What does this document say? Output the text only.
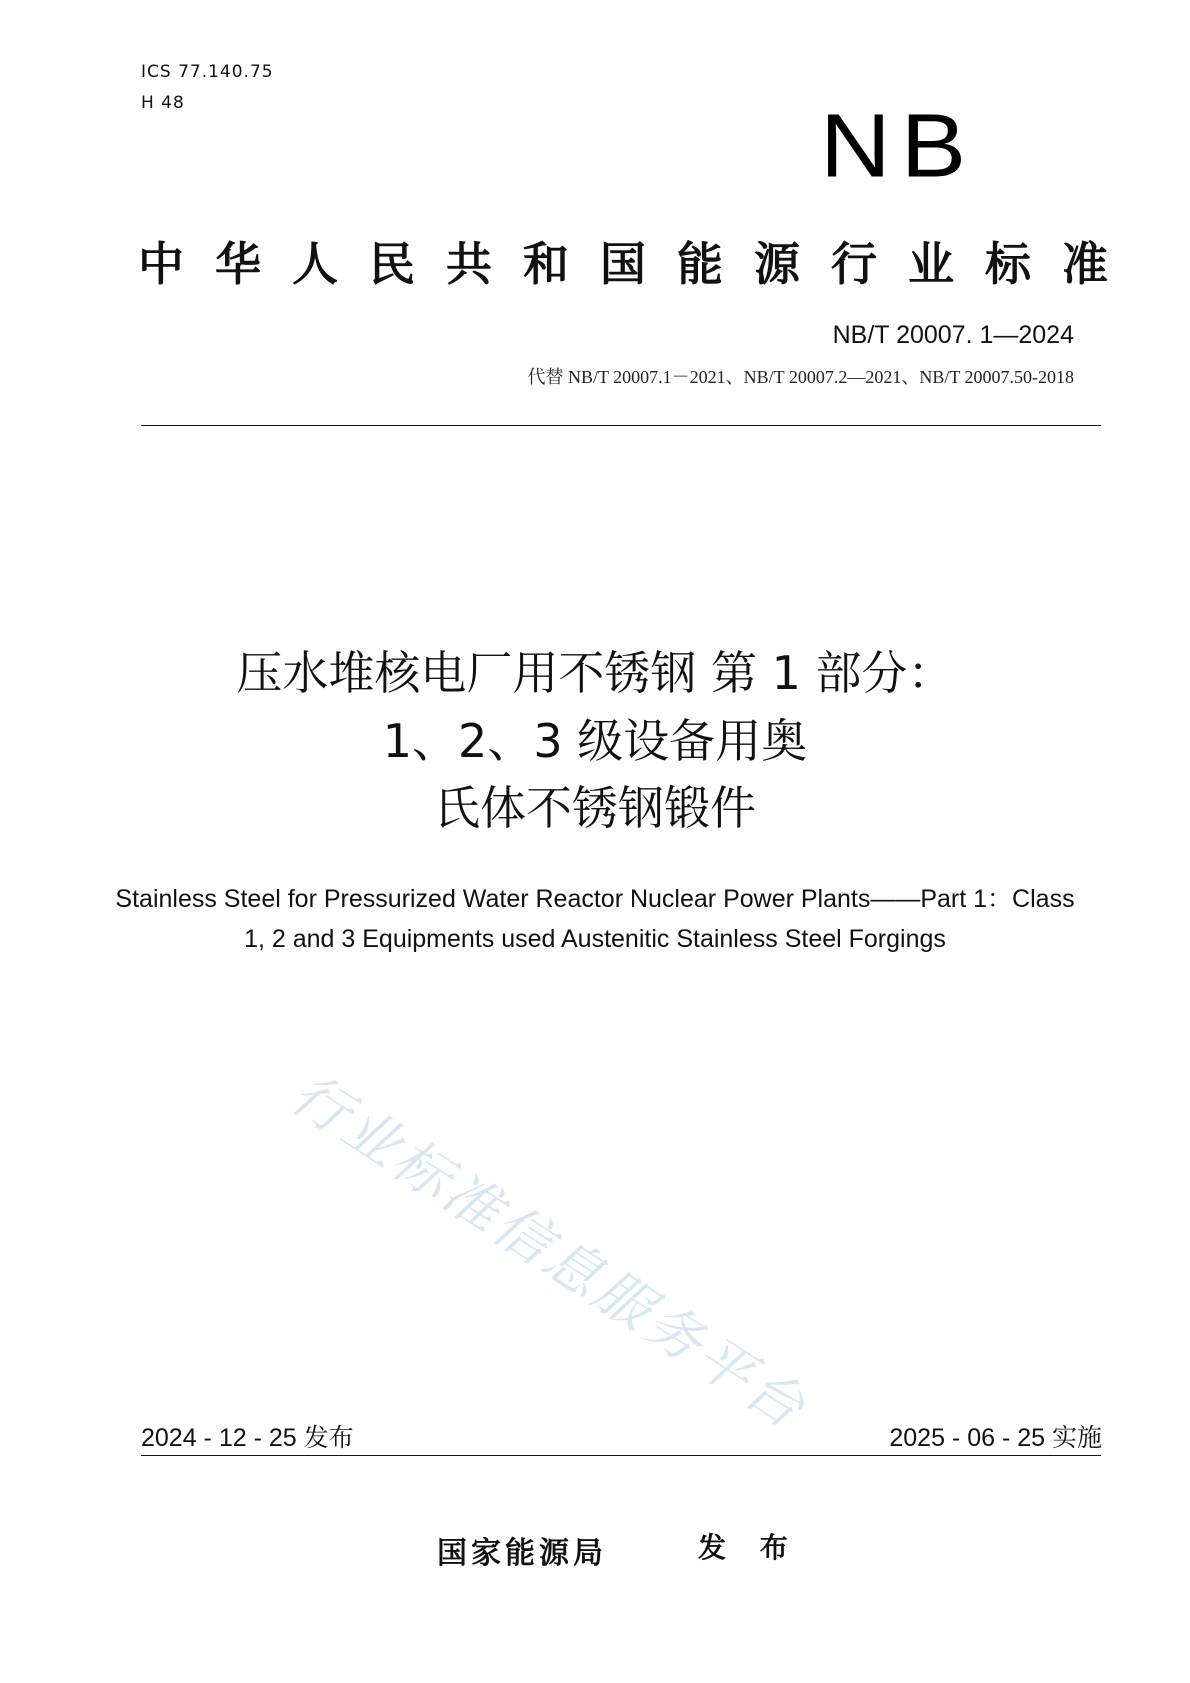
ICS 77.140.75
H 48	NB
中华人民共和国能源行业标准
NB/T 20007. 1—2024
代替 NB/T 20007.1－2021、NB/T 20007.2—2021、NB/T 20007.50-2018
压水堆核电厂用不锈钢 第 1 部分：
1、2、3 级设备用奥
氏体不锈钢锻件
Stainless Steel for Pressurized Water Reactor Nuclear Power Plants——Part 1：Class
1, 2 and 3 Equipments used Austenitic Stainless Steel Forgings
行业标准信息服务平台
2024 - 12 - 25 发布	2025 - 06 - 25 实施
国家能源局	发 布
